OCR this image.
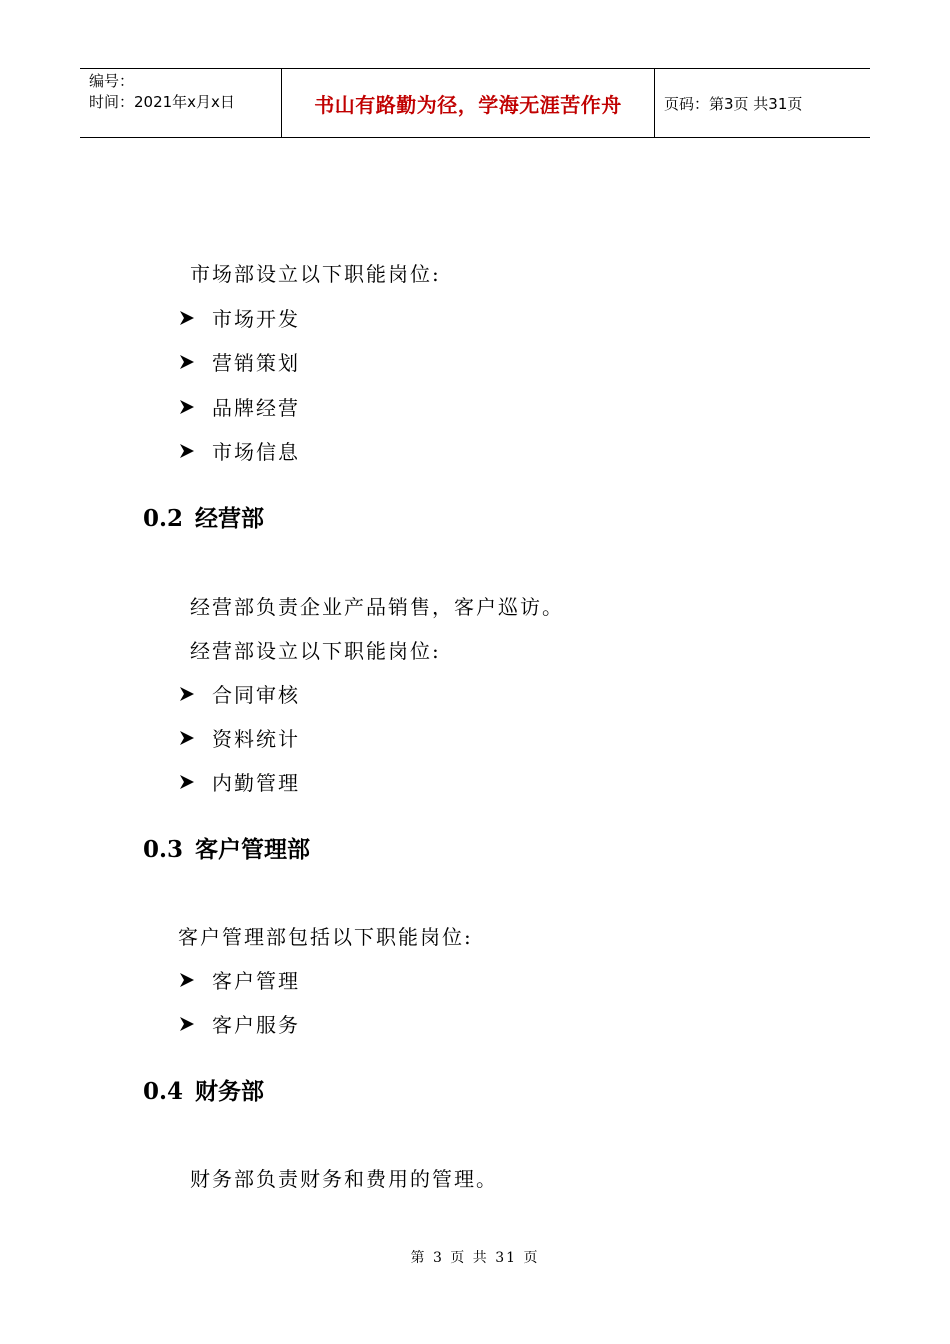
编号：
时间：2021年x月x日	书山有路勤为径，学海无涯苦作舟	页码：第3页 共31页
市场部设立以下职能岗位:
市场开发
营销策划
品牌经营
市场信息
0.2 经营部
经营部负责企业产品销售，客户巡访。
经营部设立以下职能岗位:
合同审核
资料统计
内勤管理
0.3 客户管理部
客户管理部包括以下职能岗位:
客户管理
客户服务
0.4 财务部
财务部负责财务和费用的管理。
第 3 页 共 31 页
